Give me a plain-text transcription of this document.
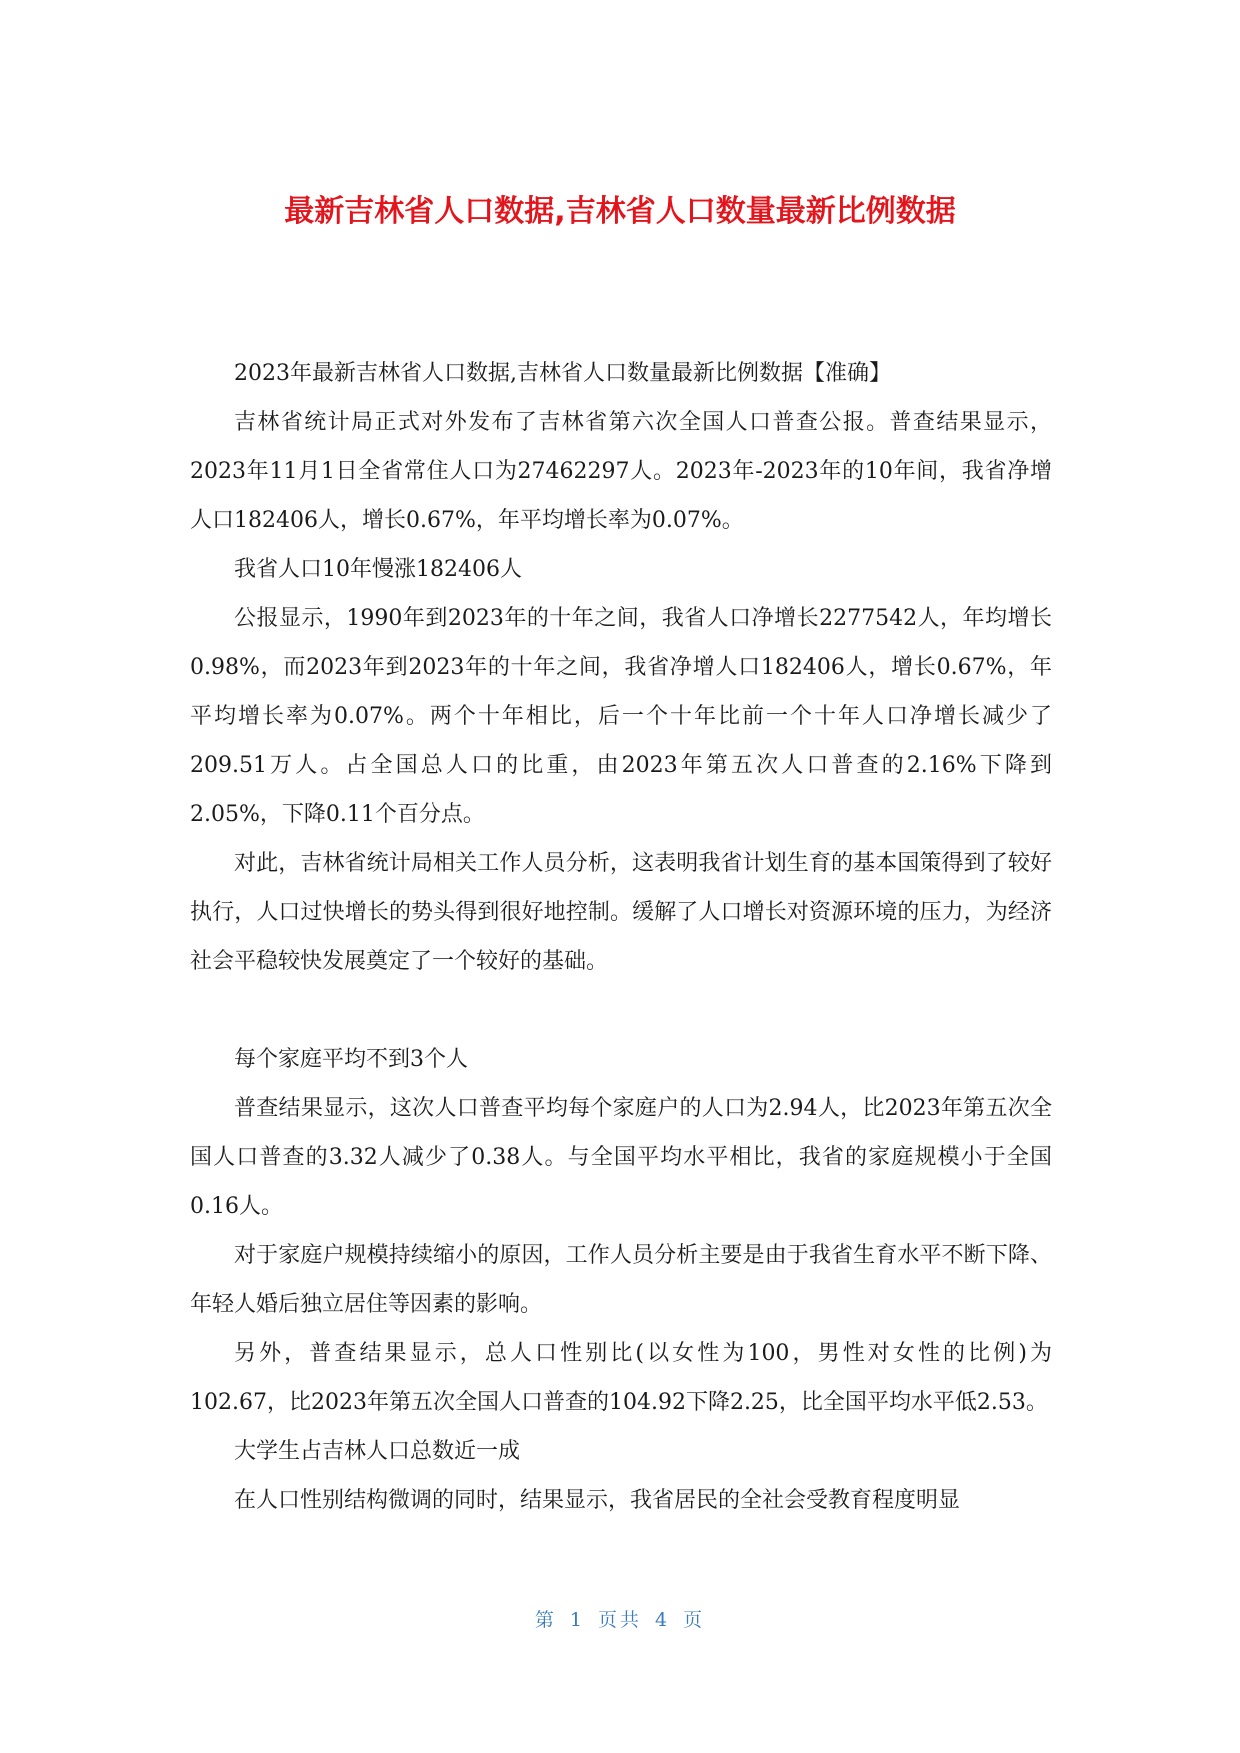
最新吉林省人口数据,吉林省人口数量最新比例数据

2023年最新吉林省人口数据,吉林省人口数量最新比例数据【准确】

吉林省统计局正式对外发布了吉林省第六次全国人口普查公报。普查结果显示，2023年11月1日全省常住人口为27462297人。2023年-2023年的10年间，我省净增人口182406人，增长0.67%，年平均增长率为0.07%。

我省人口10年慢涨182406人

公报显示，1990年到2023年的十年之间，我省人口净增长2277542人，年均增长0.98%，而2023年到2023年的十年之间，我省净增人口182406人，增长0.67%，年平均增长率为0.07%。两个十年相比，后一个十年比前一个十年人口净增长减少了209.51万人。占全国总人口的比重，由2023年第五次人口普查的2.16%下降到2.05%，下降0.11个百分点。

对此，吉林省统计局相关工作人员分析，这表明我省计划生育的基本国策得到了较好执行，人口过快增长的势头得到很好地控制。缓解了人口增长对资源环境的压力，为经济社会平稳较快发展奠定了一个较好的基础。

每个家庭平均不到3个人

普查结果显示，这次人口普查平均每个家庭户的人口为2.94人，比2023年第五次全国人口普查的3.32人减少了0.38人。与全国平均水平相比，我省的家庭规模小于全国0.16人。

对于家庭户规模持续缩小的原因，工作人员分析主要是由于我省生育水平不断下降、年轻人婚后独立居住等因素的影响。

另外，普查结果显示，总人口性别比(以女性为100，男性对女性的比例)为102.67，比2023年第五次全国人口普查的104.92下降2.25，比全国平均水平低2.53。

大学生占吉林人口总数近一成

在人口性别结构微调的同时，结果显示，我省居民的全社会受教育程度明显

第 1 页共 4 页
